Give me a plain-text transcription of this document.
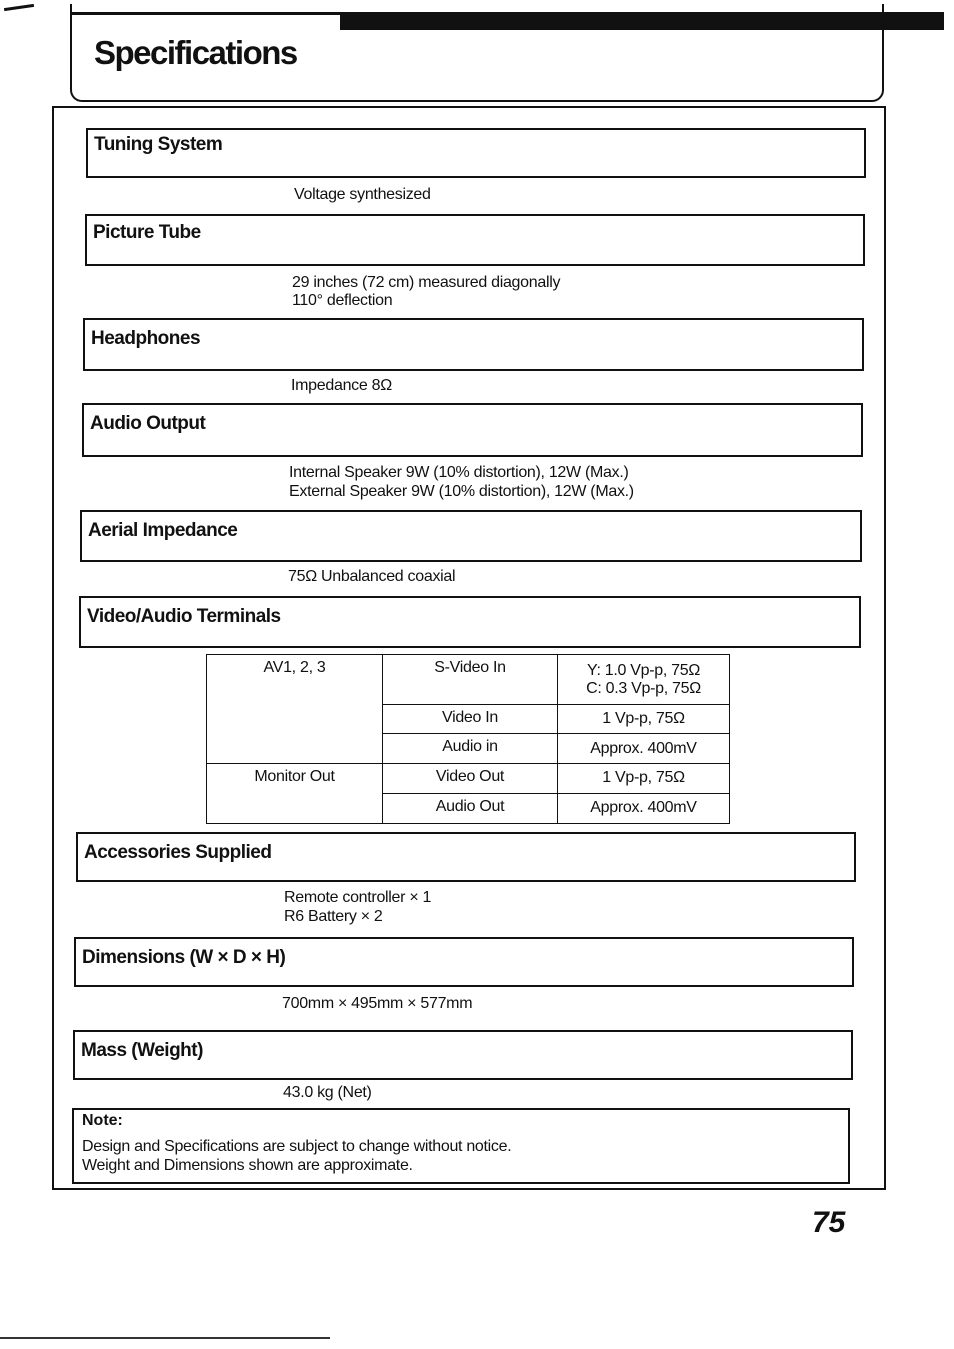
Specifications
Tuning System
Voltage synthesized
Picture Tube
29 inches (72 cm) measured diagonally
110° deflection
Headphones
Impedance 8Ω
Audio Output
Internal Speaker 9W (10% distortion), 12W (Max.)
External Speaker 9W (10% distortion), 12W (Max.)
Aerial Impedance
75Ω Unbalanced coaxial
Video/Audio Terminals
AV1, 2, 3	S-Video In	Y: 1.0 Vp-p, 75Ω
C: 0.3 Vp-p, 75Ω

	Video In	1 Vp-p, 75Ω
	Audio in	Approx. 400mV
Monitor Out	Video Out	1 Vp-p, 75Ω
	Audio Out	Approx. 400mV
Accessories Supplied
Remote controller × 1
R6 Battery × 2
Dimensions (W × D × H)
700mm × 495mm × 577mm
Mass (Weight)
43.0 kg (Net)
Note:
Design and Specifications are subject to change without notice.
Weight and Dimensions shown are approximate.
75
